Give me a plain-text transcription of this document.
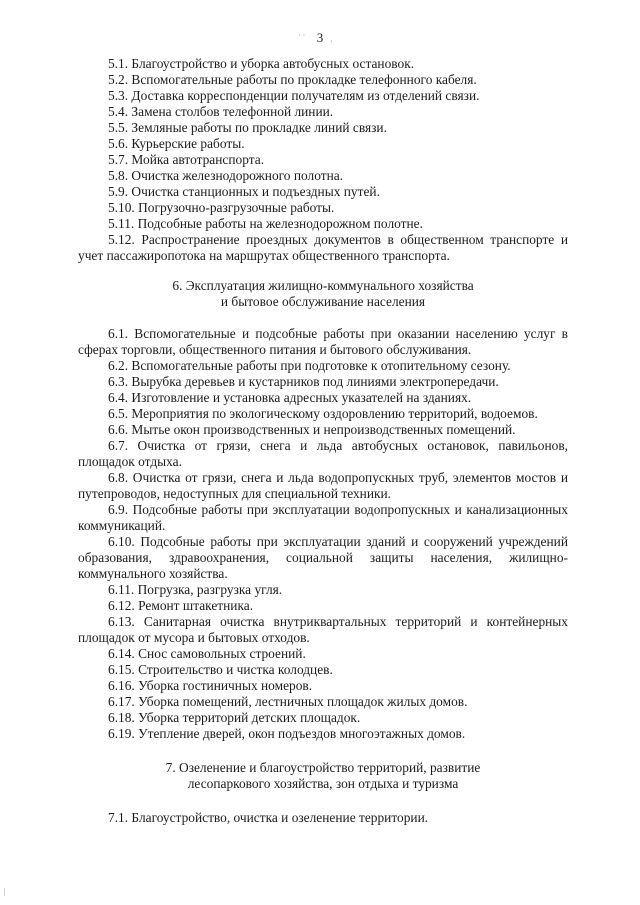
· ·
'
|
3

5.1. Благоустройство и уборка автобусных остановок.

5.2. Вспомогательные работы по прокладке телефонного кабеля.

5.3. Доставка корреспонденции получателям из отделений связи.

5.4. Замена столбов телефонной линии.

5.5. Земляные работы по прокладке линий связи.

5.6. Курьерские работы.

5.7. Мойка автотранспорта.

5.8. Очистка железнодорожного полотна.

5.9. Очистка станционных и подъездных путей.

5.10. Погрузочно-разгрузочные работы.

5.11. Подсобные работы на железнодорожном полотне.

5.12. Распространение проездных документов в общественном транспорте и учет пассажиропотока на маршрутах общественного транспорта.

6. Эксплуатация жилищно-коммунального хозяйства

и бытовое обслуживание населения

6.1. Вспомогательные и подсобные работы при оказании населению услуг в сферах торговли, общественного питания и бытового обслуживания.

6.2. Вспомогательные работы при подготовке к отопительному сезону.

6.3. Вырубка деревьев и кустарников под линиями электропередачи.

6.4. Изготовление и установка адресных указателей на зданиях.

6.5. Мероприятия по экологическому оздоровлению территорий, водоемов.

6.6. Мытье окон производственных и непроизводственных помещений.

6.7. Очистка от грязи, снега и льда автобусных остановок, павильонов, площадок отдыха.

6.8. Очистка от грязи, снега и льда водопропускных труб, элементов мостов и путепроводов, недоступных для специальной техники.

6.9. Подсобные работы при эксплуатации водопропускных и канализационных коммуникаций.

6.10. Подсобные работы при эксплуатации зданий и сооружений учреждений образования, здравоохранения, социальной защиты населения, жилищно-коммунального хозяйства.

6.11. Погрузка, разгрузка угля.

6.12. Ремонт штакетника.

6.13. Санитарная очистка внутриквартальных территорий и контейнерных площадок от мусора и бытовых отходов.

6.14. Снос самовольных строений.

6.15. Строительство и чистка колодцев.

6.16. Уборка гостиничных номеров.

6.17. Уборка помещений, лестничных площадок жилых домов.

6.18. Уборка территорий детских площадок.

6.19. Утепление дверей, окон подъездов многоэтажных домов.

7. Озеленение и благоустройство территорий, развитие

лесопаркового хозяйства, зон отдыха и туризма

7.1. Благоустройство, очистка и озеленение территории.
